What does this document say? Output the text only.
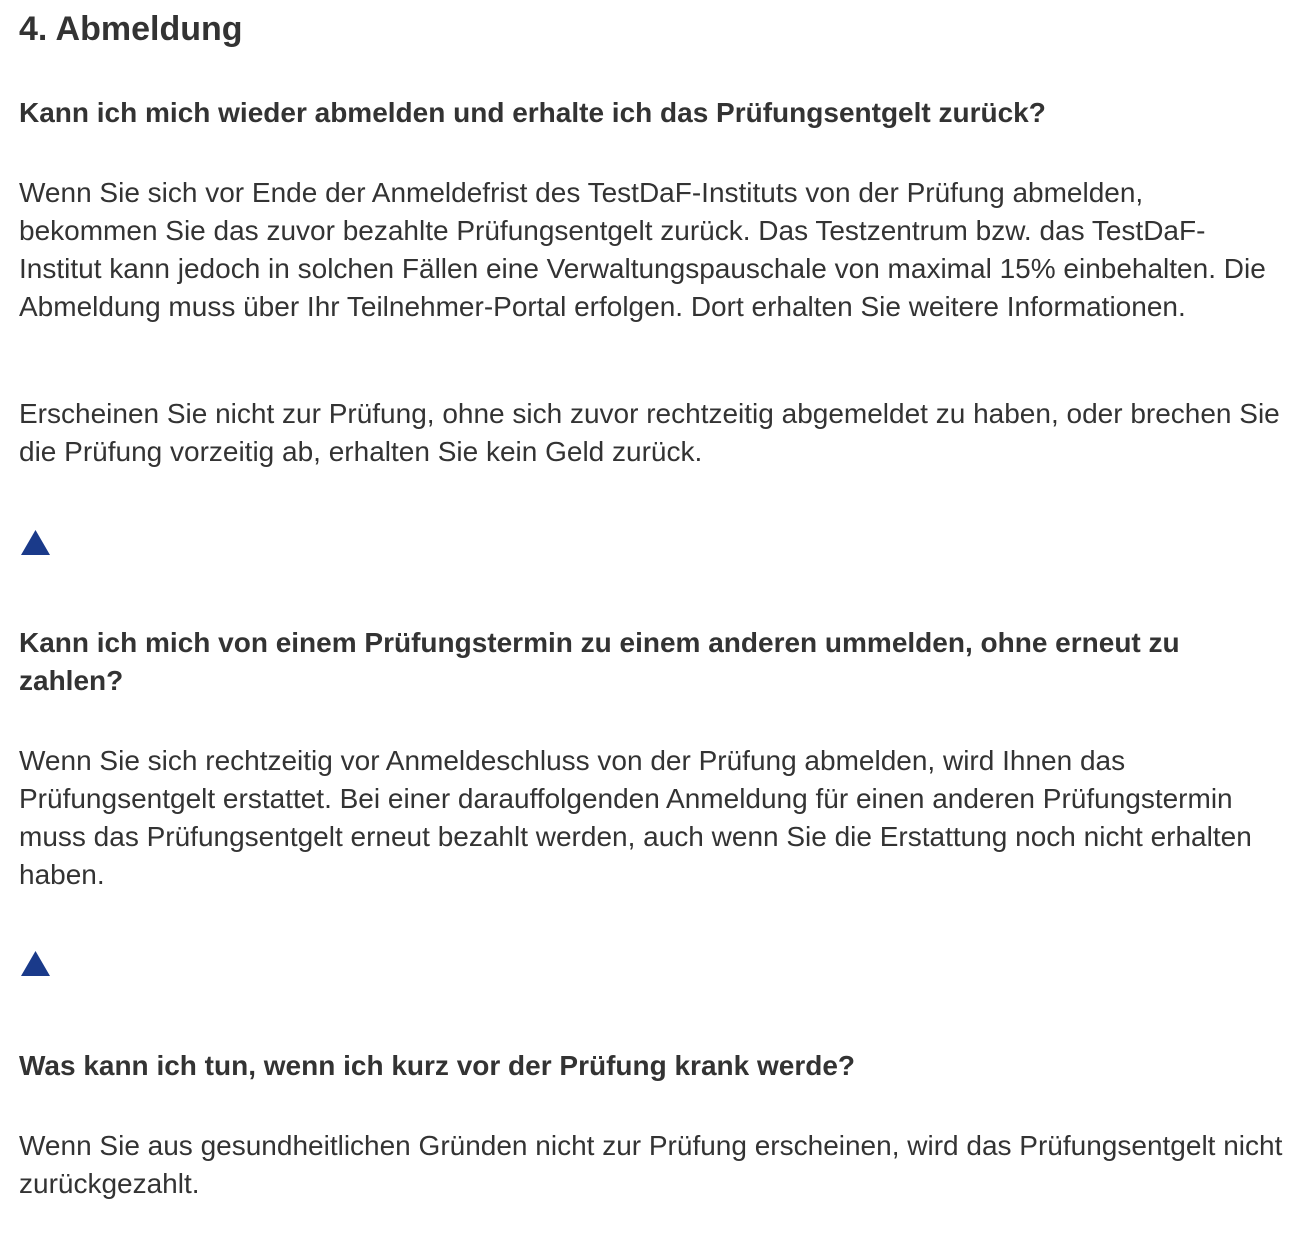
4. Abmeldung
Kann ich mich wieder abmelden und erhalte ich das Prüfungsentgelt zurück?

Wenn Sie sich vor Ende der Anmeldefrist des TestDaF-Instituts von der Prüfung abmelden, bekommen Sie das zuvor bezahlte Prüfungsentgelt zurück. Das Testzentrum bzw. das TestDaF-Institut kann jedoch in solchen Fällen eine Verwaltungspauschale von maximal 15% einbehalten. Die Abmeldung muss über Ihr Teilnehmer-Portal erfolgen. Dort erhalten Sie weitere Informationen.

Erscheinen Sie nicht zur Prüfung, ohne sich zuvor rechtzeitig abgemeldet zu haben, oder brechen Sie die Prüfung vorzeitig ab, erhalten Sie kein Geld zurück.

Kann ich mich von einem Prüfungstermin zu einem anderen ummelden, ohne erneut zu zahlen?

Wenn Sie sich rechtzeitig vor Anmeldeschluss von der Prüfung abmelden, wird Ihnen das Prüfungsentgelt erstattet. Bei einer darauffolgenden Anmeldung für einen anderen Prüfungstermin muss das Prüfungsentgelt erneut bezahlt werden, auch wenn Sie die Erstattung noch nicht erhalten haben.

Was kann ich tun, wenn ich kurz vor der Prüfung krank werde?

Wenn Sie aus gesundheitlichen Gründen nicht zur Prüfung erscheinen, wird das Prüfungsentgelt nicht zurückgezahlt.
